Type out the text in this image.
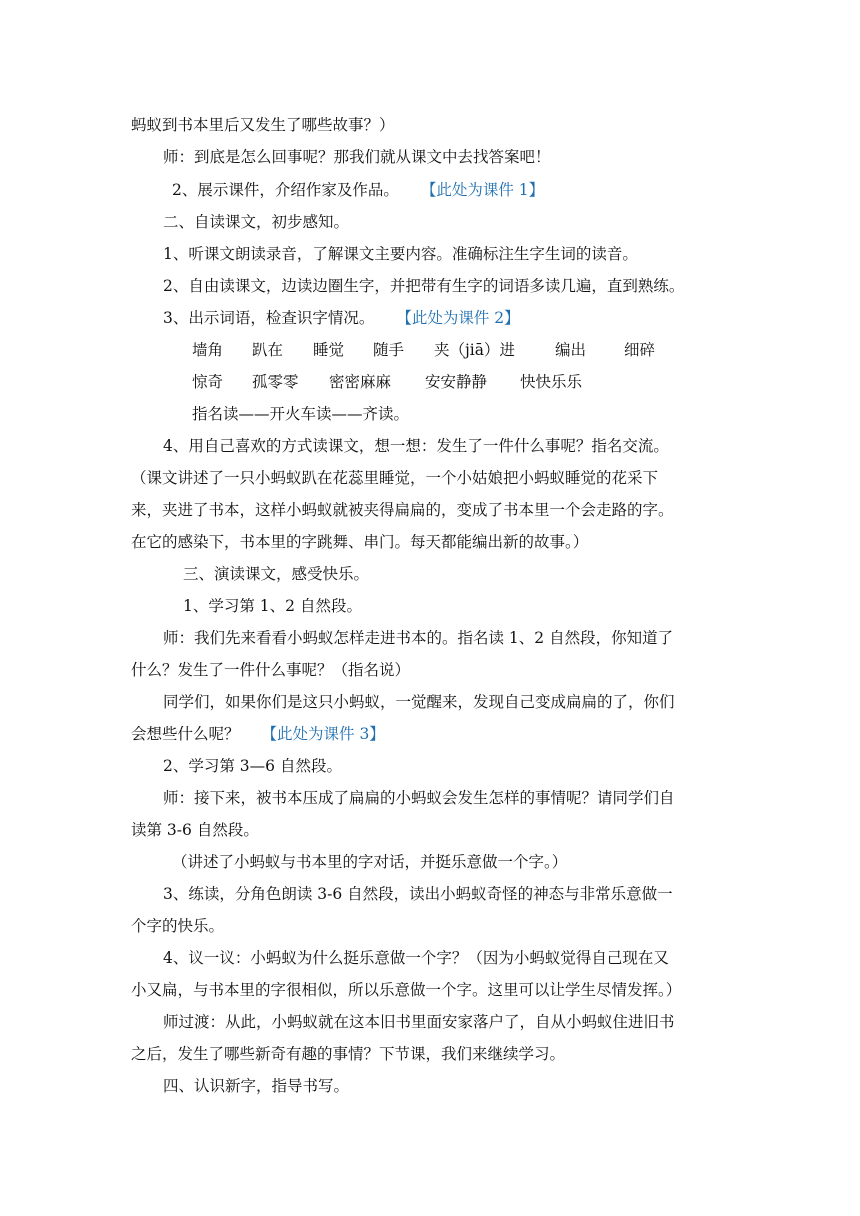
蚂蚁到书本里后又发生了哪些故事？）
师：到底是怎么回事呢？那我们就从课文中去找答案吧！
2、展示课件，介绍作家及作品。 【此处为课件 1】
二、自读课文，初步感知。
1、听课文朗读录音，了解课文主要内容。准确标注生字生词的读音。
2、自由读课文，边读边圈生字，并把带有生字的词语多读几遍，直到熟练。
3、出示词语，检查识字情况。 【此处为课件 2】
墙角 趴在 睡觉 随手 夹（jiā）进	编出 细碎
惊奇 孤零零 密密麻麻 安安静静 快快乐乐
指名读——开火车读——齐读。
4、用自己喜欢的方式读课文，想一想：发生了一件什么事呢？指名交流。
（课文讲述了一只小蚂蚁趴在花蕊里睡觉，一个小姑娘把小蚂蚁睡觉的花采下
来，夹进了书本，这样小蚂蚁就被夹得扁扁的，变成了书本里一个会走路的字。
在它的感染下，书本里的字跳舞、串门。每天都能编出新的故事。）
三、演读课文，感受快乐。
1、学习第 1、2 自然段。
师：我们先来看看小蚂蚁怎样走进书本的。指名读 1、2 自然段，你知道了
什么？发生了一件什么事呢？（指名说）
同学们，如果你们是这只小蚂蚁，一觉醒来，发现自己变成扁扁的了，你们
会想些什么呢？ 【此处为课件 3】
2、学习第 3—6 自然段。
师：接下来，被书本压成了扁扁的小蚂蚁会发生怎样的事情呢？请同学们自
读第 3-6 自然段。
（讲述了小蚂蚁与书本里的字对话，并挺乐意做一个字。）
3、练读，分角色朗读 3-6 自然段，读出小蚂蚁奇怪的神态与非常乐意做一
个字的快乐。
4、议一议：小蚂蚁为什么挺乐意做一个字？（因为小蚂蚁觉得自己现在又
小又扁，与书本里的字很相似，所以乐意做一个字。这里可以让学生尽情发挥。）
师过渡：从此，小蚂蚁就在这本旧书里面安家落户了，自从小蚂蚁住进旧书
之后，发生了哪些新奇有趣的事情？下节课，我们来继续学习。
四、认识新字，指导书写。
